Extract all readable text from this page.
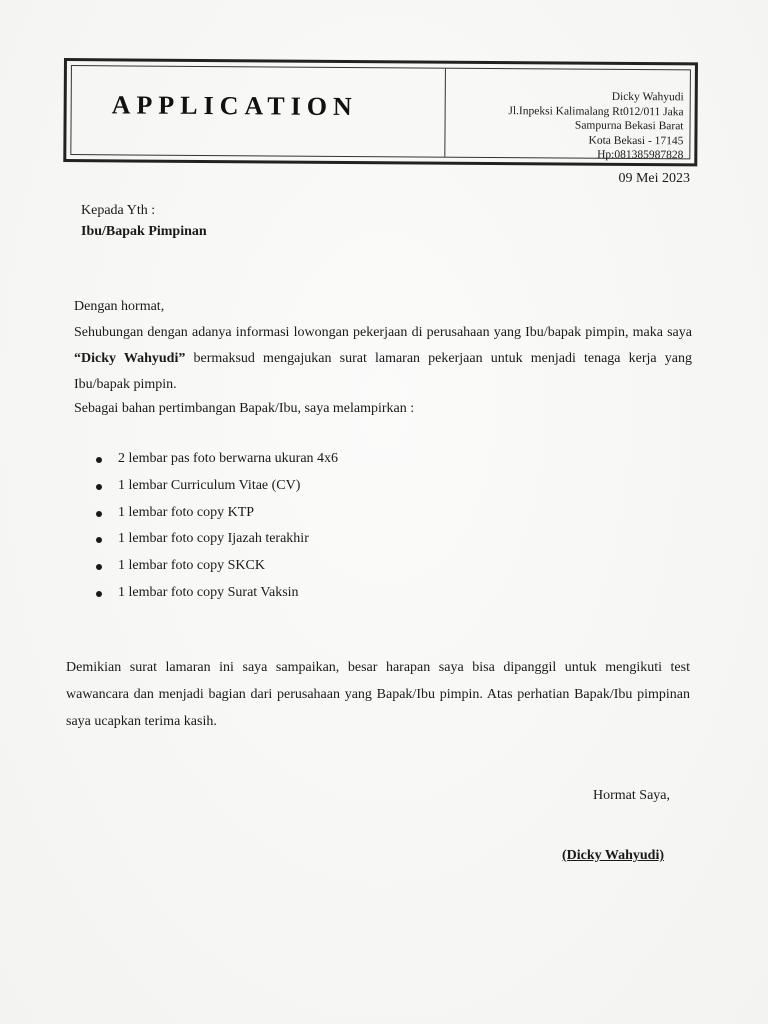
APPLICATION	Dicky Wahyudi
Jl.Inpeksi Kalimalang Rt012/011 Jaka
Sampurna Bekasi Barat
Kota Bekasi - 17145
Hp:081385987828
09 Mei 2023
Kepada Yth :
Ibu/Bapak Pimpinan
Dengan hormat,
Sehubungan dengan adanya informasi lowongan pekerjaan di perusahaan yang Ibu/bapak pimpin, maka saya “Dicky Wahyudi” bermaksud mengajukan surat lamaran pekerjaan untuk menjadi tenaga kerja yang Ibu/bapak pimpin.
Sebagai bahan pertimbangan Bapak/Ibu, saya melampirkan :
2 lembar pas foto berwarna ukuran 4x6
1 lembar Curriculum Vitae (CV)
1 lembar foto copy KTP
1 lembar foto copy Ijazah terakhir
1 lembar foto copy SKCK
1 lembar foto copy Surat Vaksin
Demikian surat lamaran ini saya sampaikan, besar harapan saya bisa dipanggil untuk mengikuti test wawancara dan menjadi bagian dari perusahaan yang Bapak/Ibu pimpin. Atas perhatian Bapak/Ibu pimpinan saya ucapkan terima kasih.
Hormat Saya,
(Dicky Wahyudi)
